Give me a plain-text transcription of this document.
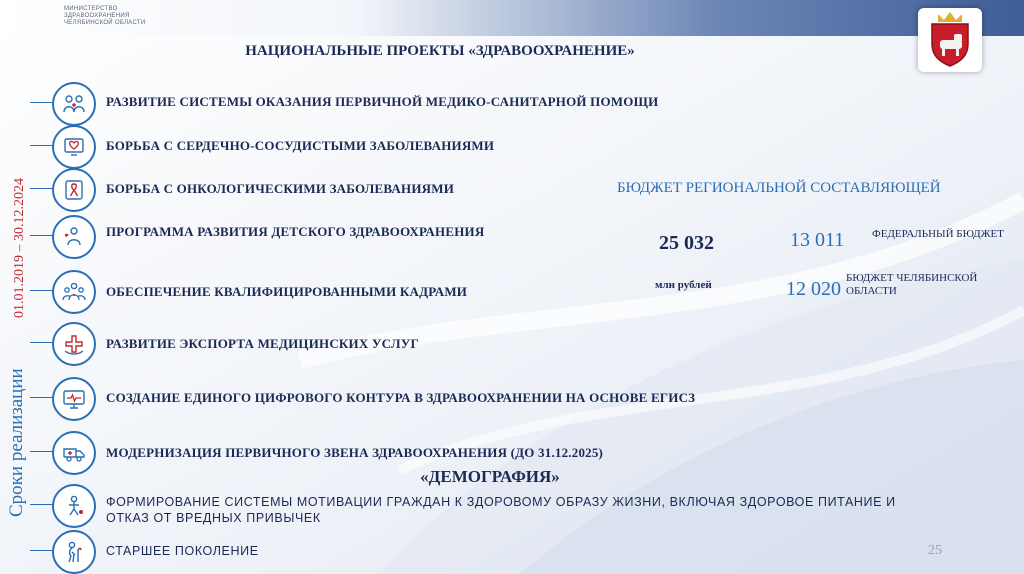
МИНИСТЕРСТВО
ЗДРАВООХРАНЕНИЯ
ЧЕЛЯБИНСКОЙ ОБЛАСТИ
НАЦИОНАЛЬНЫЕ ПРОЕКТЫ «ЗДРАВООХРАНЕНИЕ»
01.01.2019 – 30.12.2024
Сроки реализации
РАЗВИТИЕ СИСТЕМЫ ОКАЗАНИЯ ПЕРВИЧНОЙ МЕДИКО-САНИТАРНОЙ ПОМОЩИ
БОРЬБА С СЕРДЕЧНО-СОСУДИСТЫМИ ЗАБОЛЕВАНИЯМИ
БОРЬБА С ОНКОЛОГИЧЕСКИМИ ЗАБОЛЕВАНИЯМИ
ПРОГРАММА РАЗВИТИЯ ДЕТСКОГО ЗДРАВООХРАНЕНИЯ
ОБЕСПЕЧЕНИЕ КВАЛИФИЦИРОВАННЫМИ КАДРАМИ
РАЗВИТИЕ ЭКСПОРТА МЕДИЦИНСКИХ УСЛУГ
СОЗДАНИЕ ЕДИНОГО ЦИФРОВОГО КОНТУРА В ЗДРАВООХРАНЕНИИ НА ОСНОВЕ ЕГИСЗ
МОДЕРНИЗАЦИЯ ПЕРВИЧНОГО ЗВЕНА ЗДРАВООХРАНЕНИЯ (ДО 31.12.2025)
«ДЕМОГРАФИЯ»
ФОРМИРОВАНИЕ СИСТЕМЫ МОТИВАЦИИ ГРАЖДАН К ЗДОРОВОМУ ОБРАЗУ ЖИЗНИ, ВКЛЮЧАЯ ЗДОРОВОЕ ПИТАНИЕ И ОТКАЗ ОТ ВРЕДНЫХ ПРИВЫЧЕК
СТАРШЕЕ ПОКОЛЕНИЕ
БЮДЖЕТ РЕГИОНАЛЬНОЙ СОСТАВЛЯЮЩЕЙ
25 032
млн рублей
13 011	ФЕДЕРАЛЬНЫЙ БЮДЖЕТ
12 020 БЮДЖЕТ ЧЕЛЯБИНСКОЙ ОБЛАСТИ
25
